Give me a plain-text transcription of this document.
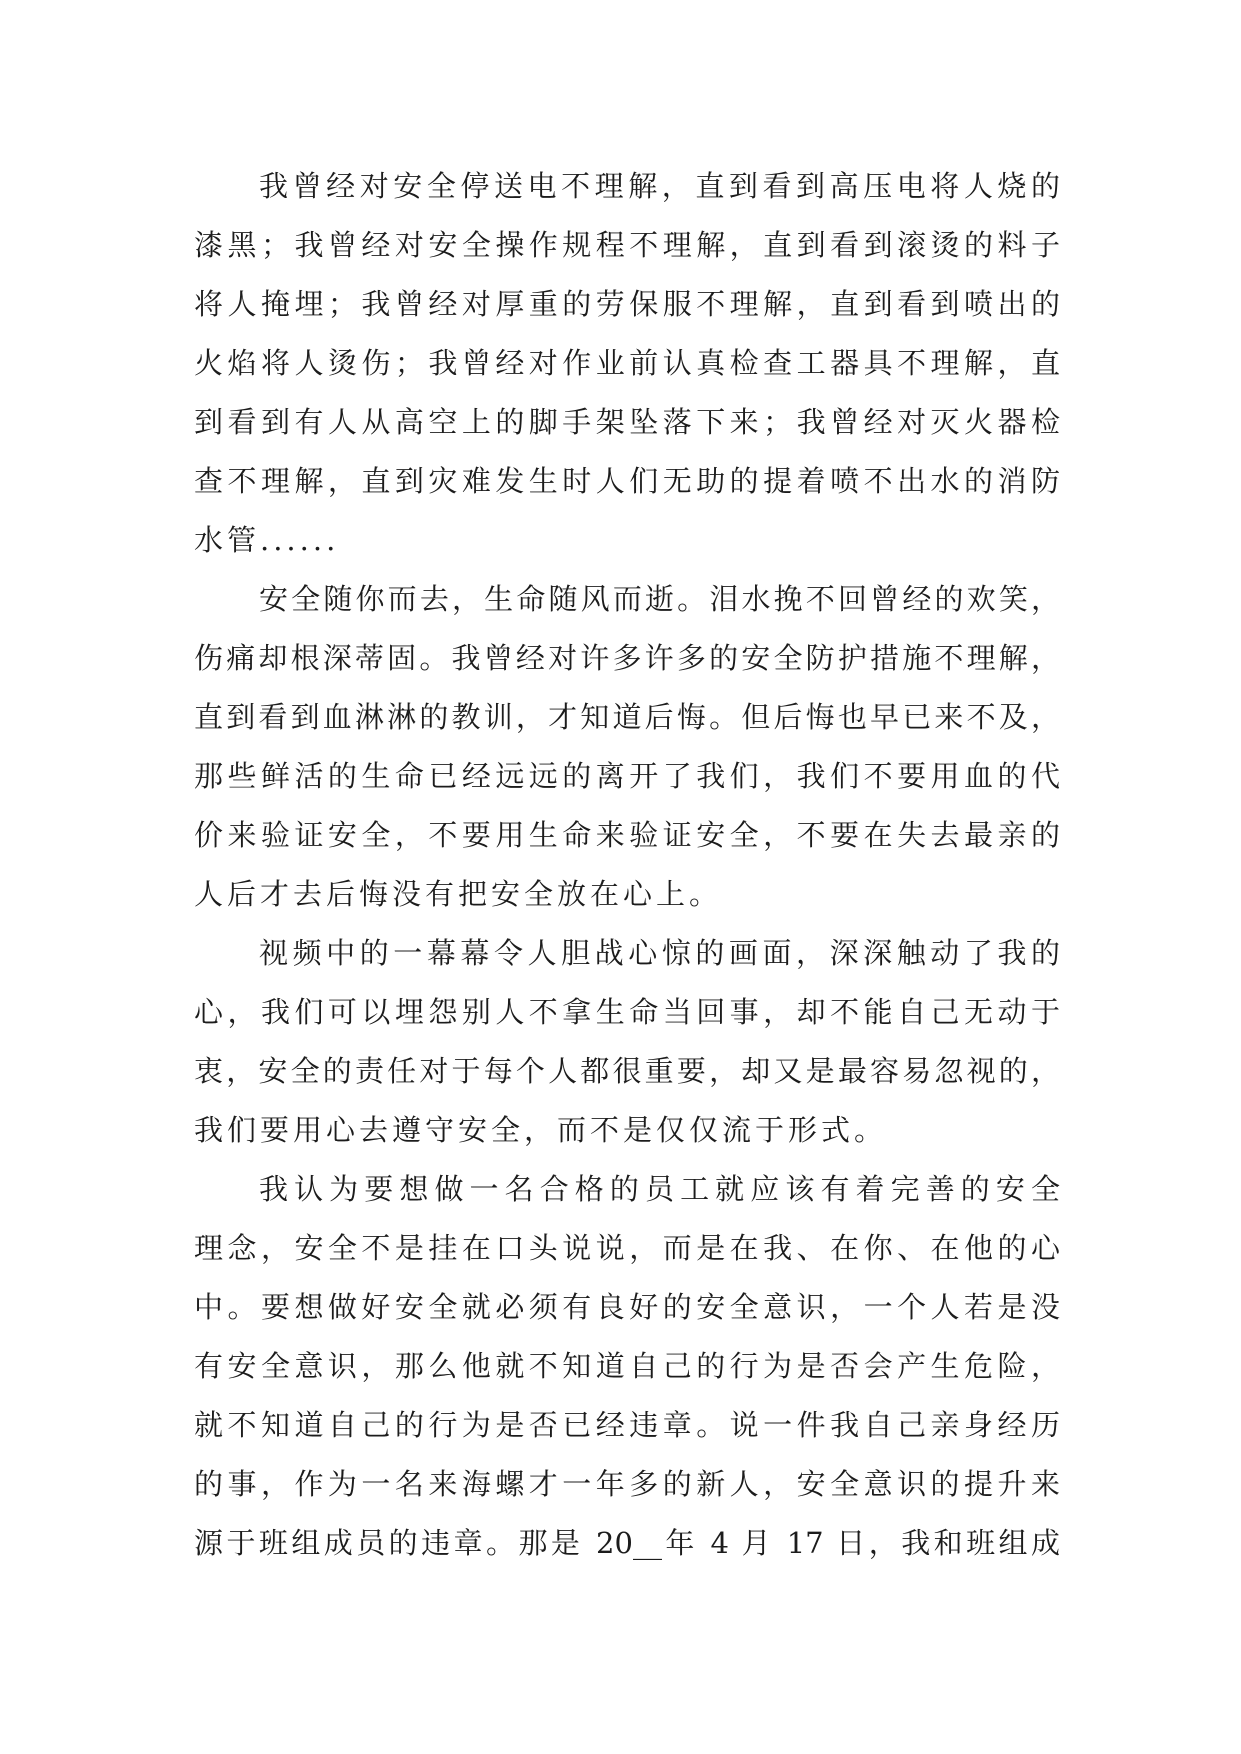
我曾经对安全停送电不理解，直到看到高压电将人烧的
漆黑；我曾经对安全操作规程不理解，直到看到滚烫的料子
将人掩埋；我曾经对厚重的劳保服不理解，直到看到喷出的
火焰将人烫伤；我曾经对作业前认真检查工器具不理解，直
到看到有人从高空上的脚手架坠落下来；我曾经对灭火器检
查不理解，直到灾难发生时人们无助的提着喷不出水的消防
水管......
安全随你而去，生命随风而逝。泪水挽不回曾经的欢笑，
伤痛却根深蒂固。我曾经对许多许多的安全防护措施不理解，
直到看到血淋淋的教训，才知道后悔。但后悔也早已来不及，
那些鲜活的生命已经远远的离开了我们，我们不要用血的代
价来验证安全，不要用生命来验证安全，不要在失去最亲的
人后才去后悔没有把安全放在心上。
视频中的一幕幕令人胆战心惊的画面，深深触动了我的
心，我们可以埋怨别人不拿生命当回事，却不能自己无动于
衷，安全的责任对于每个人都很重要，却又是最容易忽视的，
我们要用心去遵守安全，而不是仅仅流于形式。
我认为要想做一名合格的员工就应该有着完善的安全
理念，安全不是挂在口头说说，而是在我、在你、在他的心
中。要想做好安全就必须有良好的安全意识，一个人若是没
有安全意识，那么他就不知道自己的行为是否会产生危险，
就不知道自己的行为是否已经违章。说一件我自己亲身经历
的事，作为一名来海螺才一年多的新人，安全意识的提升来
源于班组成员的违章。那是 20__年 4 月 17 日，我和班组成
